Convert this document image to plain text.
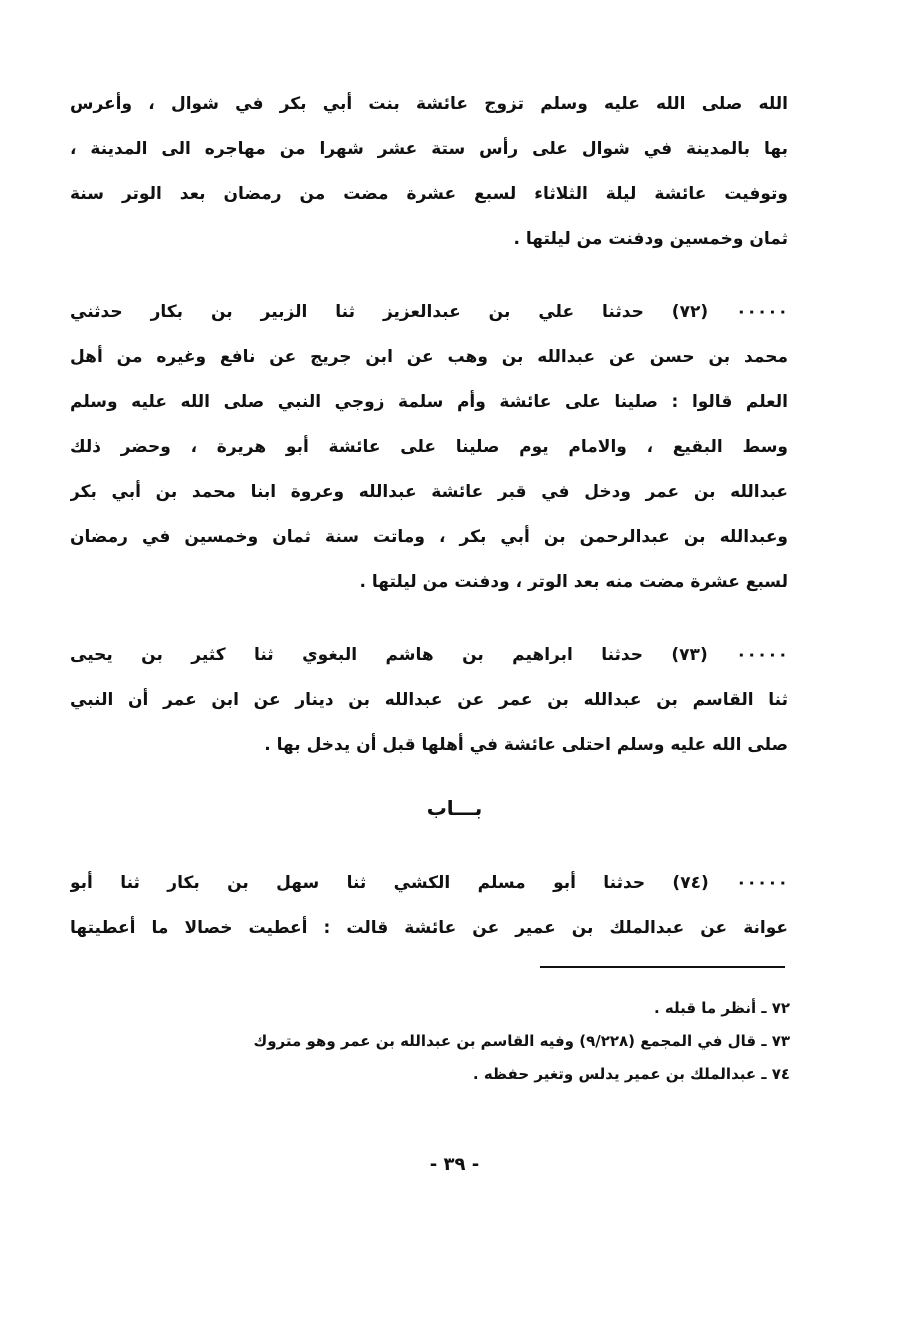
الله صلى الله عليه وسلم تزوج عائشة بنت أبي بكر في شوال ، وأعرس
بها بالمدينة في شوال على رأس ستة عشر شهرا من مهاجره الى المدينة ،
وتوفيت عائشة ليلة الثلاثاء لسبع عشرة مضت من رمضان بعد الوتر سنة
ثمان وخمسين ودفنت من ليلتها .
٠٠٠٠٠ (٧٢) حدثنا علي بن عبدالعزيز ثنا الزبير بن بكار حدثني
محمد بن حسن عن عبدالله بن وهب عن ابن جريج عن نافع وغيره من أهل
العلم قالوا : صلينا على عائشة وأم سلمة زوجي النبي صلى الله عليه وسلم
وسط البقيع ، والامام يوم صلينا على عائشة أبو هريرة ، وحضر ذلك
عبدالله بن عمر ودخل في قبر عائشة عبدالله وعروة ابنا محمد بن أبي بكر
وعبدالله بن عبدالرحمن بن أبي بكر ، وماتت سنة ثمان وخمسين في رمضان
لسبع عشرة مضت منه بعد الوتر ، ودفنت من ليلتها .
٠٠٠٠٠ (٧٣) حدثنا ابراهيم بن هاشم البغوي ثنا كثير بن يحيى
ثنا القاسم بن عبدالله بن عمر عن عبدالله بن دينار عن ابن عمر أن النبي
صلى الله عليه وسلم احتلى عائشة في أهلها قبل أن يدخل بها .
بـــاب
٠٠٠٠٠ (٧٤) حدثنا أبو مسلم الكشي ثنا سهل بن بكار ثنا أبو
عوانة عن عبدالملك بن عمير عن عائشة قالت : أعطيت خصالا ما أعطيتها
٧٢ ـ أنظر ما قبله .
٧٣ ـ قال في المجمع (٩/٢٢٨) وفيه القاسم بن عبدالله بن عمر وهو متروك
٧٤ ـ عبدالملك بن عمير يدلس وتغير حفظه .
- ٣٩ -
